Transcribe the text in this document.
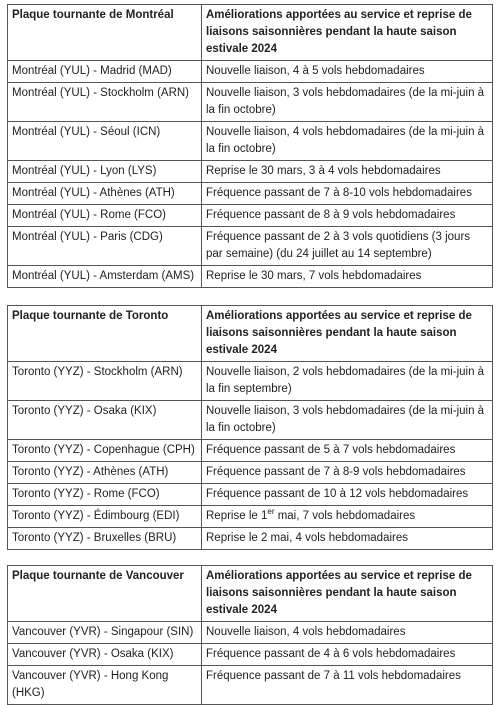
Plaque tournante de Montréal	Améliorations apportées au service et reprise de liaisons saisonnières pendant la haute saison estivale 2024
Montréal (YUL) - Madrid (MAD)	Nouvelle liaison, 4 à 5 vols hebdomadaires
Montréal (YUL) - Stockholm (ARN)	Nouvelle liaison, 3 vols hebdomadaires (de la mi-juin à la fin octobre)
Montréal (YUL) - Séoul (ICN)	Nouvelle liaison, 4 vols hebdomadaires (de la mi-juin à la fin octobre)
Montréal (YUL) - Lyon (LYS)	Reprise le 30 mars, 3 à 4 vols hebdomadaires
Montréal (YUL) - Athènes (ATH)	Fréquence passant de 7 à 8-10 vols hebdomadaires
Montréal (YUL) - Rome (FCO)	Fréquence passant de 8 à 9 vols hebdomadaires
Montréal (YUL) - Paris (CDG)	Fréquence passant de 2 à 3 vols quotidiens (3 jours par semaine) (du 24 juillet au 14 septembre)
Montréal (YUL) - Amsterdam (AMS)	Reprise le 30 mars, 7 vols hebdomadaires
Plaque tournante de Toronto	Améliorations apportées au service et reprise de liaisons saisonnières pendant la haute saison estivale 2024
Toronto (YYZ) - Stockholm (ARN)	Nouvelle liaison, 2 vols hebdomadaires (de la mi-juin à la fin septembre)
Toronto (YYZ) - Osaka (KIX)	Nouvelle liaison, 3 vols hebdomadaires (de la mi-juin à la fin octobre)
Toronto (YYZ) - Copenhague (CPH)	Fréquence passant de 5 à 7 vols hebdomadaires
Toronto (YYZ) - Athènes (ATH)	Fréquence passant de 7 à 8-9 vols hebdomadaires
Toronto (YYZ) - Rome (FCO)	Fréquence passant de 10 à 12 vols hebdomadaires
Toronto (YYZ) - Édimbourg (EDI)	Reprise le 1er mai, 7 vols hebdomadaires
Toronto (YYZ) - Bruxelles (BRU)	Reprise le 2 mai, 4 vols hebdomadaires
Plaque tournante de Vancouver	Améliorations apportées au service et reprise de liaisons saisonnières pendant la haute saison estivale 2024
Vancouver (YVR) - Singapour (SIN)	Nouvelle liaison, 4 vols hebdomadaires
Vancouver (YVR) - Osaka (KIX)	Fréquence passant de 4 à 6 vols hebdomadaires
Vancouver (YVR) - Hong Kong (HKG)	Fréquence passant de 7 à 11 vols hebdomadaires
